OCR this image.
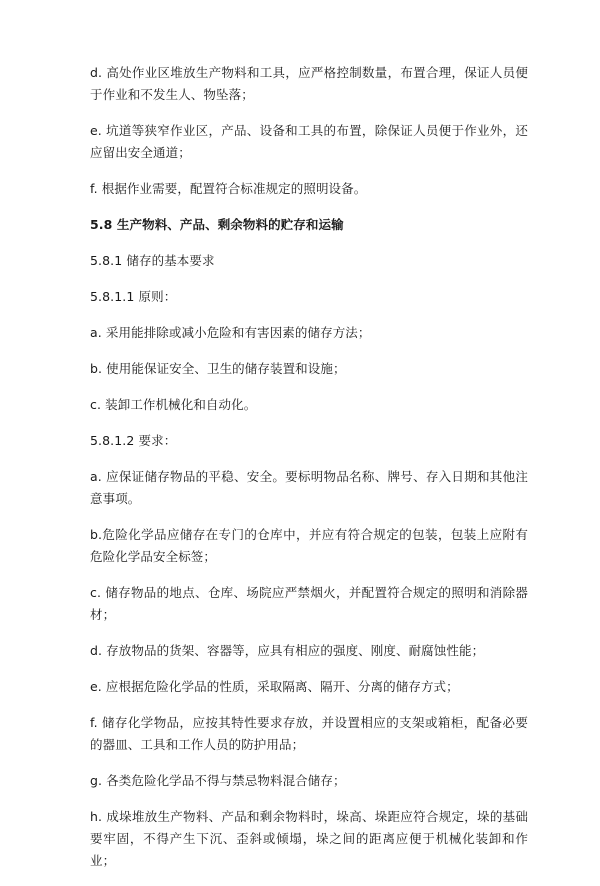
d. 高处作业区堆放生产物料和工具，应严格控制数量，布置合理，保证人员便于作业和不发生人、物坠落；

e. 坑道等狭窄作业区，产品、设备和工具的布置，除保证人员便于作业外，还应留出安全通道；

f. 根据作业需要，配置符合标准规定的照明设备。

5.8 生产物料、产品、剩余物料的贮存和运输

5.8.1 储存的基本要求

5.8.1.1 原则：

a. 采用能排除或减小危险和有害因素的储存方法；

b. 使用能保证安全、卫生的储存装置和设施；

c. 装卸工作机械化和自动化。

5.8.1.2 要求：

a. 应保证储存物品的平稳、安全。要标明物品名称、牌号、存入日期和其他注意事项。

b.危险化学品应储存在专门的仓库中，并应有符合规定的包装，包装上应附有危险化学品安全标签；

c. 储存物品的地点、仓库、场院应严禁烟火，并配置符合规定的照明和消除器材；

d. 存放物品的货架、容器等，应具有相应的强度、刚度、耐腐蚀性能；

e. 应根据危险化学品的性质，采取隔离、隔开、分离的储存方式；

f. 储存化学物品，应按其特性要求存放，并设置相应的支架或箱柜，配备必要的器皿、工具和工作人员的防护用品；

g. 各类危险化学品不得与禁忌物料混合储存；

h. 成垛堆放生产物料、产品和剩余物料时，垛高、垛距应符合规定，垛的基础要牢固，不得产生下沉、歪斜或倾塌，垛之间的距离应便于机械化装卸和作业；
